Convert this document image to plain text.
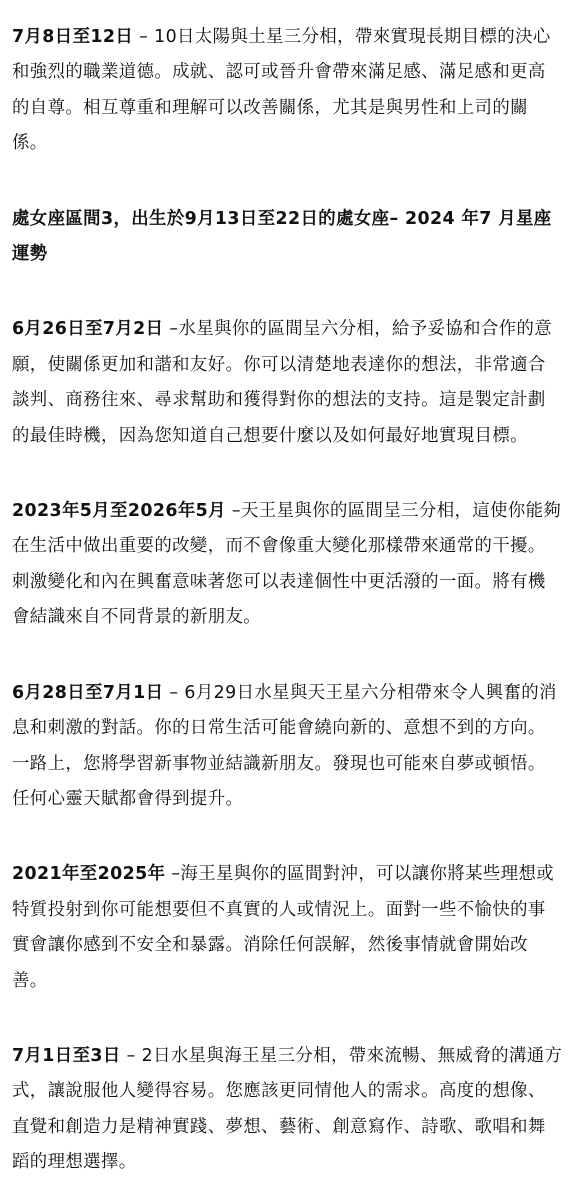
7月8日至12日 – 10日太陽與土星三分相，帶來實現長期目標的決心和強烈的職業道德。成就、認可或晉升會帶來滿足感、滿足感和更高的自尊。相互尊重和理解可以改善關係，尤其是與男性和上司的關係。

處女座區間3，出生於9月13日至22日的處女座– 2024 年7 月星座運勢

6月26日至7月2日 –水星與你的區間呈六分相，給予妥協和合作的意願，使關係更加和諧和友好。你可以清楚地表達你的想法，非常適合談判、商務往來、尋求幫助和獲得對你的想法的支持。這是製定計劃的最佳時機，因為您知道自己想要什麼以及如何最好地實現目標。

2023年5月至2026年5月 –天王星與你的區間呈三分相，這使你能夠在生活中做出重要的改變，而不會像重大變化那樣帶來通常的干擾。刺激變化和內在興奮意味著您可以表達個性中更活潑的一面。將有機會結識來自不同背景的新朋友。

6月28日至7月1日 – 6月29日水星與天王星六分相帶來令人興奮的消息和刺激的對話。你的日常生活可能會繞向新的、意想不到的方向。一路上，您將學習新事物並結識新朋友。發現也可能來自夢或頓悟。任何心靈天賦都會得到提升。

2021年至2025年 –海王星與你的區間對沖，可以讓你將某些理想或特質投射到你可能想要但不真實的人或情況上。面對一些不愉快的事實會讓你感到不安全和暴露。消除任何誤解，然後事情就會開始改善。

7月1日至3日 – 2日水星與海王星三分相，帶來流暢、無威脅的溝通方式，讓說服他人變得容易。您應該更同情他人的需求。高度的想像、直覺和創造力是精神實踐、夢想、藝術、創意寫作、詩歌、歌唱和舞蹈的理想選擇。
